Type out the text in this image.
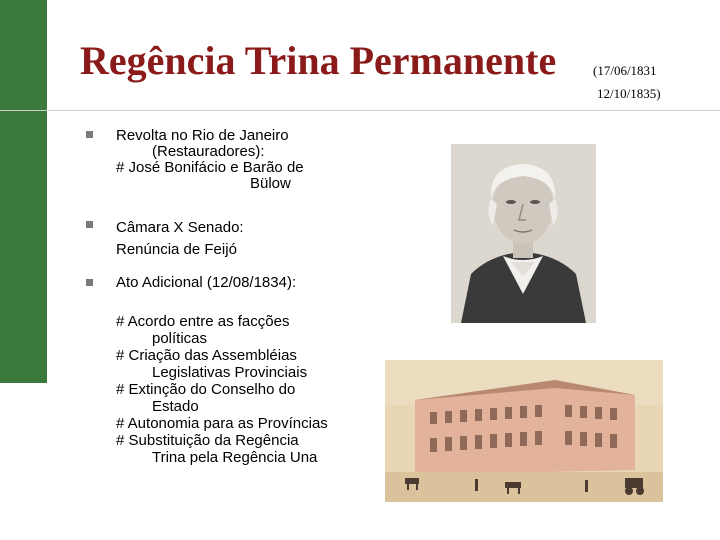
Regência Trina Permanente	(17/06/1831
12/10/1835)
Revolta no Rio de Janeiro
(Restauradores):
# José Bonifácio e Barão de
Bülow
Câmara X Senado:
Renúncia de Feijó
Ato Adicional (12/08/1834):
# Acordo entre as facções
políticas
# Criação das Assembléias
Legislativas Provinciais
# Extinção do Conselho do
Estado
# Autonomia para as Províncias
# Substituição da Regência
Trina pela Regência Una
